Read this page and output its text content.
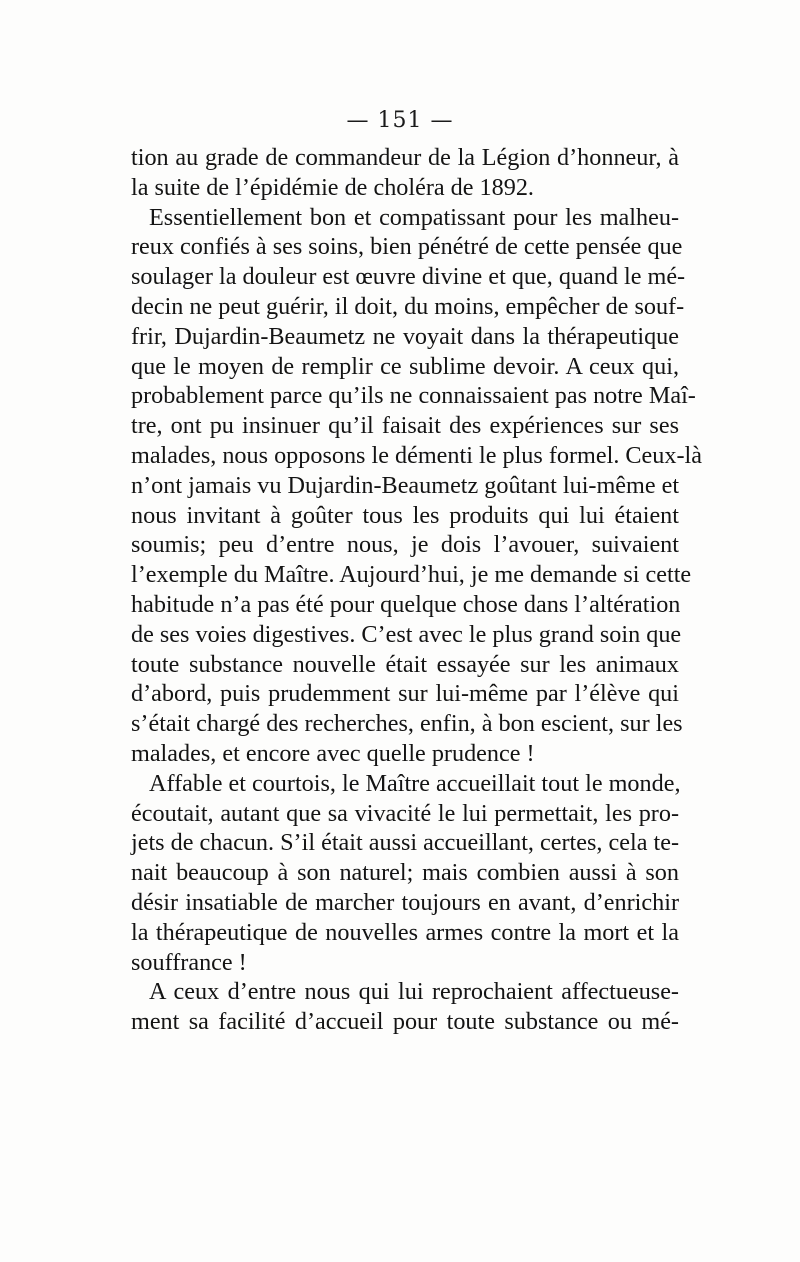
— 151 —
tion au grade de commandeur de la Légion d’honneur, à
la suite de l’épidémie de choléra de 1892.
Essentiellement bon et compatissant pour les malheu-
reux confiés à ses soins, bien pénétré de cette pensée que
soulager la douleur est œuvre divine et que, quand le mé-
decin ne peut guérir, il doit, du moins, empêcher de souf-
frir, Dujardin-Beaumetz ne voyait dans la thérapeutique
que le moyen de remplir ce sublime devoir. A ceux qui,
probablement parce qu’ils ne connaissaient pas notre Maî-
tre, ont pu insinuer qu’il faisait des expériences sur ses
malades, nous opposons le démenti le plus formel. Ceux-là
n’ont jamais vu Dujardin-Beaumetz goûtant lui-même et
nous invitant à goûter tous les produits qui lui étaient
soumis; peu d’entre nous, je dois l’avouer, suivaient
l’exemple du Maître. Aujourd’hui, je me demande si cette
habitude n’a pas été pour quelque chose dans l’altération
de ses voies digestives. C’est avec le plus grand soin que
toute substance nouvelle était essayée sur les animaux
d’abord, puis prudemment sur lui-même par l’élève qui
s’était chargé des recherches, enfin, à bon escient, sur les
malades, et encore avec quelle prudence !
Affable et courtois, le Maître accueillait tout le monde,
écoutait, autant que sa vivacité le lui permettait, les pro-
jets de chacun. S’il était aussi accueillant, certes, cela te-
nait beaucoup à son naturel; mais combien aussi à son
désir insatiable de marcher toujours en avant, d’enrichir
la thérapeutique de nouvelles armes contre la mort et la
souffrance !
A ceux d’entre nous qui lui reprochaient affectueuse-
ment sa facilité d’accueil pour toute substance ou mé-
